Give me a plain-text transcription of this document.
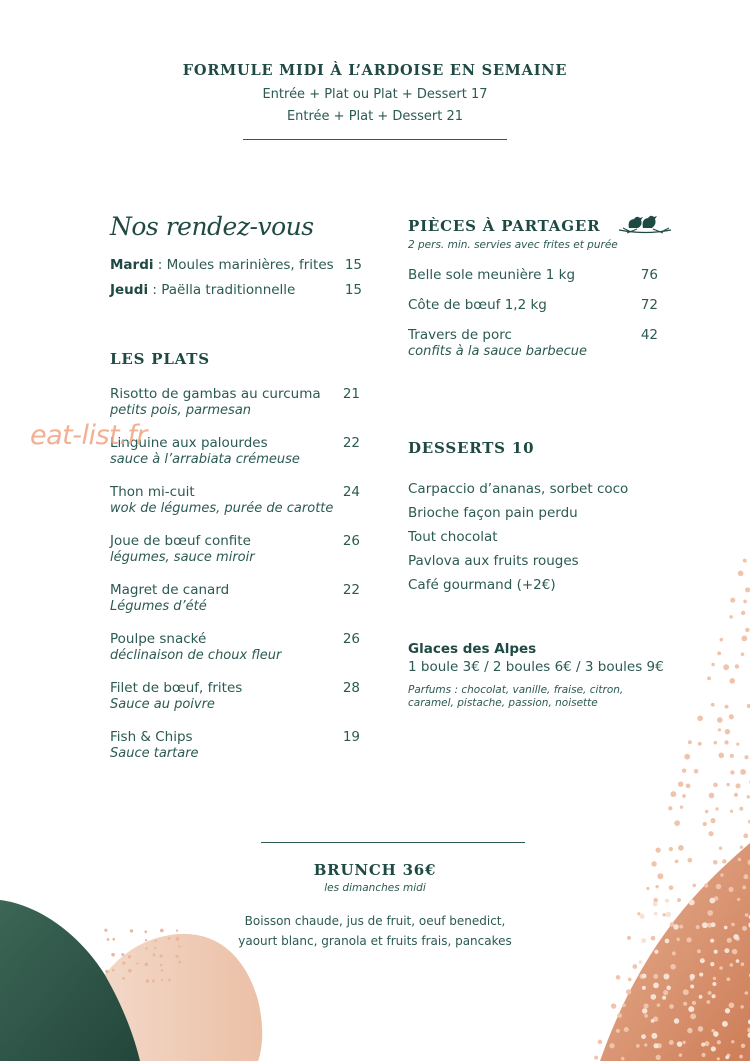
FORMULE MIDI À L’ARDOISE EN SEMAINE
Entrée + Plat ou Plat + Dessert 17
Entrée + Plat + Dessert 21
Nos rendez-vous
Mardi : Moules marinières, frites 15
Jeudi : Paëlla traditionnelle	15
LES PLATS
Risotto de gambas au curcuma 21
petits pois, parmesan
Linguine aux palourdes	22
sauce à l’arrabiata crémeuse
Thon mi-cuit	24
wok de légumes, purée de carotte
Joue de bœuf confite	26
légumes, sauce miroir
Magret de canard	22
Légumes d’été
Poulpe snacké	26
déclinaison de choux fleur
Filet de bœuf, frites	28
Sauce au poivre
Fish & Chips	19
Sauce tartare
PIÈCES À PARTAGER
2 pers. min. servies avec frites et purée
Belle sole meunière 1 kg	76
Côte de bœuf 1,2 kg	72
Travers de porc	42
confits à la sauce barbecue
DESSERTS 10
Carpaccio d’ananas, sorbet coco
Brioche façon pain perdu
Tout chocolat
Pavlova aux fruits rouges
Café gourmand (+2€)
Glaces des Alpes
1 boule 3€ / 2 boules 6€ / 3 boules 9€
Parfums : chocolat, vanille, fraise, citron,
caramel, pistache, passion, noisette
eat-list.fr
BRUNCH 36€
les dimanches midi
Boisson chaude, jus de fruit, oeuf benedict,
yaourt blanc, granola et fruits frais, pancakes
